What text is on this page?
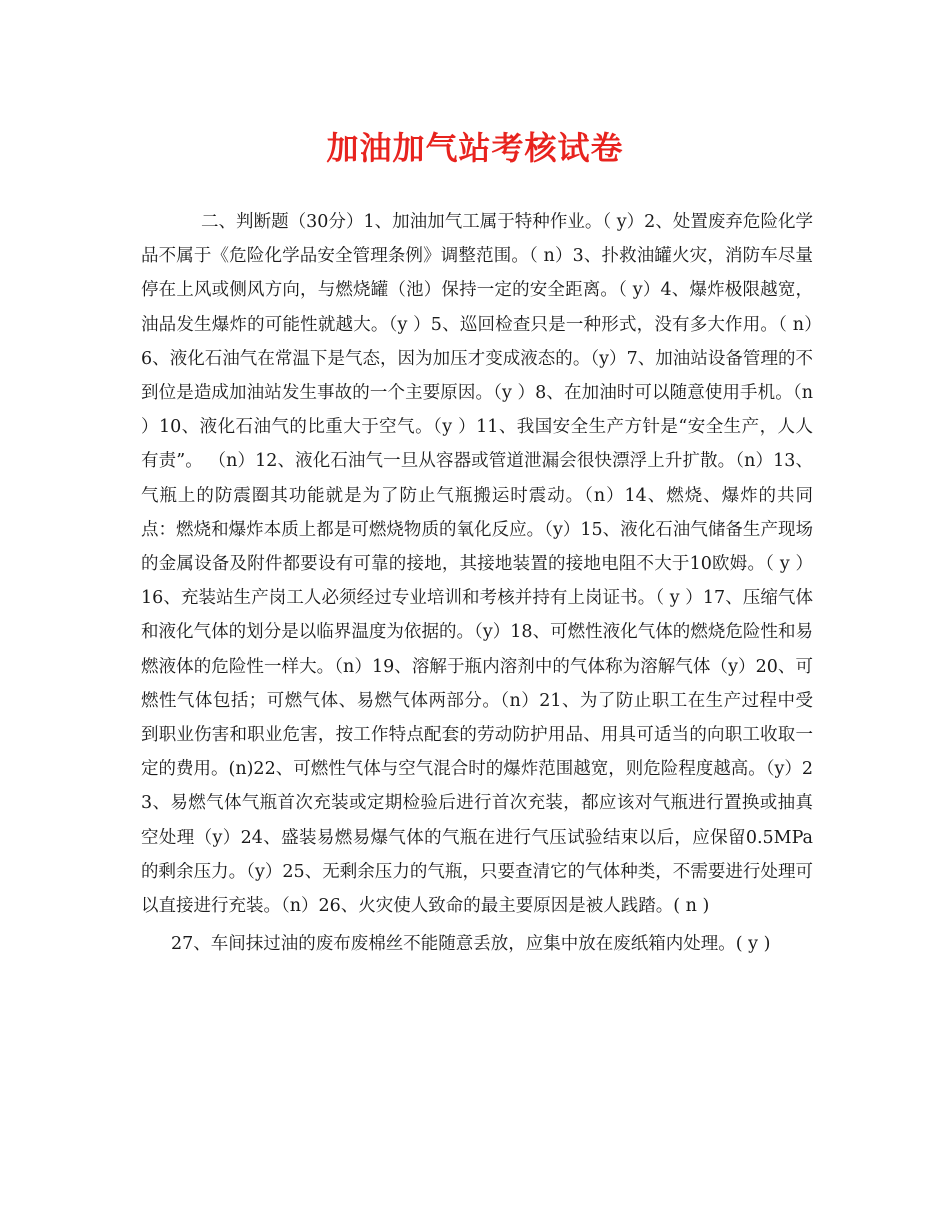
加油加气站考核试卷

二、判断题（30分）1、加油加气工属于特种作业。（ y）2、处置废弃危险化学品不属于《危险化学品安全管理条例》调整范围。（ n）3、扑救油罐火灾，消防车尽量停在上风或侧风方向，与燃烧罐（池）保持一定的安全距离。（ y）4、爆炸极限越宽，油品发生爆炸的可能性就越大。（y ）5、巡回检查只是一种形式，没有多大作用。（ n）6、液化石油气在常温下是气态，因为加压才变成液态的。（y）7、加油站设备管理的不到位是造成加油站发生事故的一个主要原因。（y ）8、在加油时可以随意使用手机。（n ）10、液化石油气的比重大于空气。（y ）11、我国安全生产方针是“安全生产，人人有责”。 （n）12、液化石油气一旦从容器或管道泄漏会很快漂浮上升扩散。（n）13、气瓶上的防震圈其功能就是为了防止气瓶搬运时震动。（n）14、燃烧、爆炸的共同点：燃烧和爆炸本质上都是可燃烧物质的氧化反应。（y）15、液化石油气储备生产现场的金属设备及附件都要设有可靠的接地，其接地装置的接地电阻不大于10欧姆。（ y ）16、充装站生产岗工人必须经过专业培训和考核并持有上岗证书。（ y ）17、压缩气体和液化气体的划分是以临界温度为依据的。（y）18、可燃性液化气体的燃烧危险性和易燃液体的危险性一样大。（n）19、溶解于瓶内溶剂中的气体称为溶解气体（y）20、可燃性气体包括；可燃气体、易燃气体两部分。（n）21、为了防止职工在生产过程中受到职业伤害和职业危害，按工作特点配套的劳动防护用品、用具可适当的向职工收取一定的费用。(n)22、可燃性气体与空气混合时的爆炸范围越宽，则危险程度越高。（y）23、易燃气体气瓶首次充装或定期检验后进行首次充装，都应该对气瓶进行置换或抽真空处理（y）24、盛装易燃易爆气体的气瓶在进行气压试验结束以后，应保留0.5MPa的剩余压力。（y）25、无剩余压力的气瓶，只要查清它的气体种类，不需要进行处理可以直接进行充装。（n）26、火灾使人致命的最主要原因是被人践踏。( n )

27、车间抹过油的废布废棉丝不能随意丢放，应集中放在废纸箱内处理。( y )
